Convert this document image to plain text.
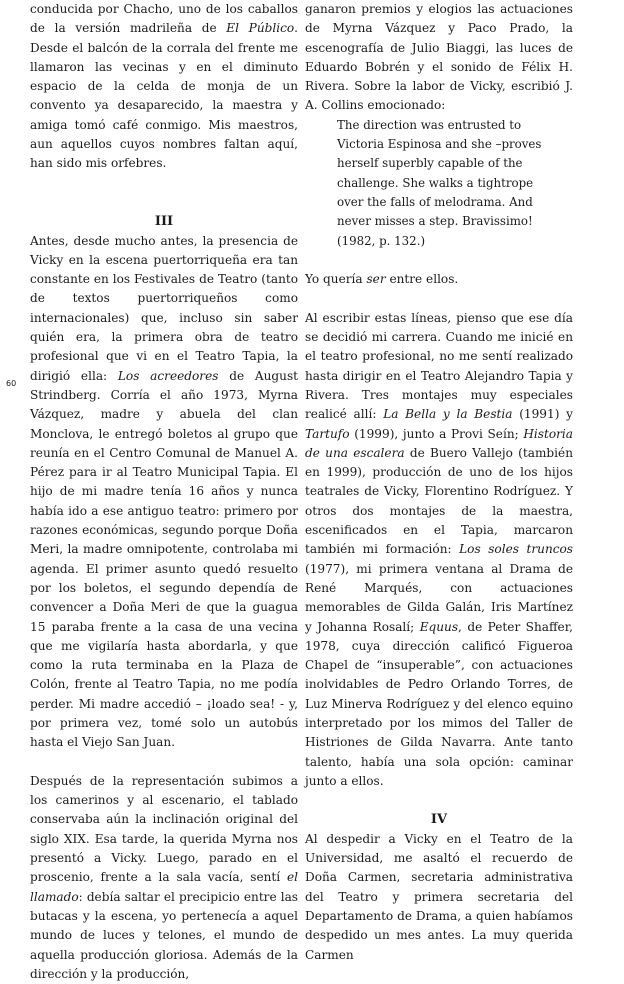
60

conducida por Chacho, uno de los caballos de la versión madrileña de El Público. Desde el balcón de la corrala del frente me llamaron las vecinas y en el diminuto espacio de la celda de monja de un convento ya desaparecido, la maestra y amiga tomó café conmigo. Mis maestros, aun aquellos cuyos nombres faltan aquí, han sido mis orfebres.

III

Antes, desde mucho antes, la presencia de Vicky en la escena puertorriqueña era tan constante en los Festivales de Teatro (tanto de textos puertorriqueños como internacionales) que, incluso sin saber quién era, la primera obra de teatro profesional que vi en el Teatro Tapia, la dirigió ella: Los acreedores de August Strindberg. Corría el año 1973, Myrna Vázquez, madre y abuela del clan Monclova, le entregó boletos al grupo que reunía en el Centro Comunal de Manuel A. Pérez para ir al Teatro Municipal Tapia. El hijo de mi madre tenía 16 años y nunca había ido a ese antiguo teatro: primero por razones económicas, segundo porque Doña Meri, la madre omnipotente, controlaba mi agenda. El primer asunto quedó resuelto por los boletos, el segundo dependía de convencer a Doña Meri de que la guagua 15 paraba frente a la casa de una vecina que me vigilaría hasta abordarla, y que como la ruta terminaba en la Plaza de Colón, frente al Teatro Tapia, no me podía perder. Mi madre accedió – ¡loado sea! - y, por primera vez, tomé solo un autobús hasta el Viejo San Juan.

Después de la representación subimos a los camerinos y al escenario, el tablado conservaba aún la inclinación original del siglo XIX. Esa tarde, la querida Myrna nos presentó a Vicky. Luego, parado en el proscenio, frente a la sala vacía, sentí el llamado: debía saltar el precipicio entre las butacas y la escena, yo pertenecía a aquel mundo de luces y telones, el mundo de aquella producción gloriosa. Además de la dirección y la producción,

ganaron premios y elogios las actuaciones de Myrna Vázquez y Paco Prado, la escenografía de Julio Biaggi, las luces de Eduardo Bobrén y el sonido de Félix H. Rivera. Sobre la labor de Vicky, escribió J. A. Collins emocionado:

The direction was entrusted to Victoria Espinosa and she –proves herself superbly capable of the challenge. She walks a tightrope over the falls of melodrama. And never misses a step. Bravissimo! (1982, p. 132.)

Yo quería ser entre ellos.

Al escribir estas líneas, pienso que ese día se decidió mi carrera. Cuando me inicié en el teatro profesional, no me sentí realizado hasta dirigir en el Teatro Alejandro Tapia y Rivera. Tres montajes muy especiales realicé allí: La Bella y la Bestia (1991) y Tartufo (1999), junto a Provi Seín; Historia de una escalera de Buero Vallejo (también en 1999), producción de uno de los hijos teatrales de Vicky, Florentino Rodríguez. Y otros dos montajes de la maestra, escenificados en el Tapia, marcaron también mi formación: Los soles truncos (1977), mi primera ventana al Drama de René Marqués, con actuaciones memorables de Gilda Galán, Iris Martínez y Johanna Rosalí; Equus, de Peter Shaffer, 1978, cuya dirección calificó Figueroa Chapel de “insuperable”, con actuaciones inolvidables de Pedro Orlando Torres, de Luz Minerva Rodríguez y del elenco equino interpretado por los mimos del Taller de Histriones de Gilda Navarra. Ante tanto talento, había una sola opción: caminar junto a ellos.

IV

Al despedir a Vicky en el Teatro de la Universidad, me asaltó el recuerdo de Doña Carmen, secretaria administrativa del Teatro y primera secretaria del Departamento de Drama, a quien habíamos despedido un mes antes. La muy querida Carmen
